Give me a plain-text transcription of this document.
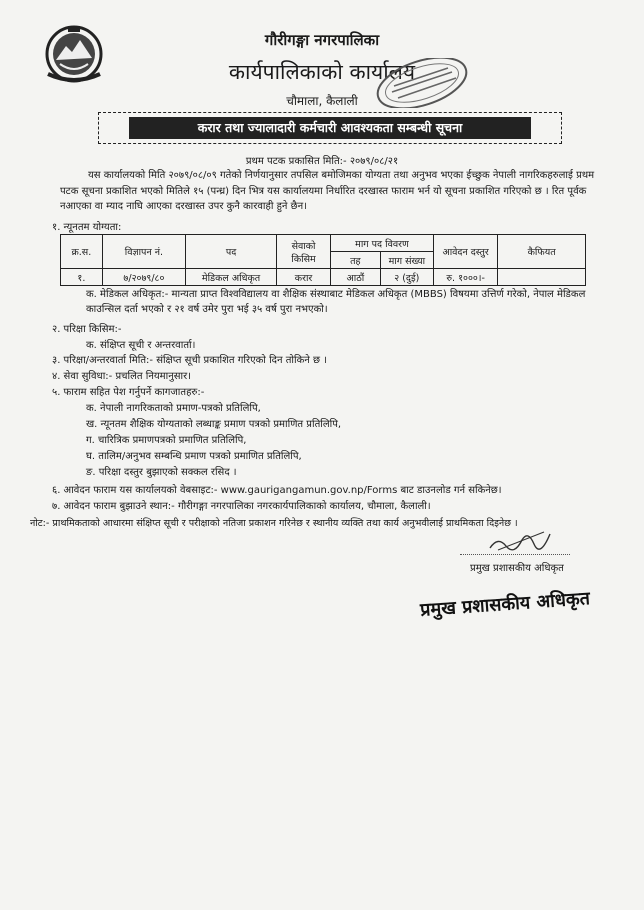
गौरीगङ्गा नगरपालिका
कार्यपालिकाको कार्यालय
चौमाला, कैलाली
करार तथा ज्यालादारी कर्मचारी आवश्यकता सम्बन्धी सूचना
प्रथम पटक प्रकासित मिति:- २०७९/०८/२१
यस कार्यालयको मिति २०७९/०८/०९ गतेको निर्णयानुसार तपसिल बमोजिमका योग्यता तथा अनुभव भएका ईच्छुक नेपाली नागरिकहरुलाई प्रथम पटक सूचना प्रकाशित भएको मितिले १५ (पन्ध्र) दिन भित्र यस कार्यालयमा निर्धारित दरखास्त फाराम भर्न यो सूचना प्रकाशित गरिएको छ । रित पूर्वक नआएका वा म्याद नाघि आएका दरखास्त उपर कुनै कारवाही हुने छैन।
१. न्यूनतम योग्यता:
क्र.स.	विज्ञापन नं.	पद	सेवाको किसिम	माग पद विवरण		आवेदन दस्तुर	कैफियत
				तह	माग संख्या		
१.	७/२०७९/८०	मेडिकल अधिकृत	करार	आठौं	२ (दुई)	रु. १०००।-	
क. मेडिकल अधिकृत:- मान्यता प्राप्त विश्वविद्यालय वा शैक्षिक संस्थाबाट मेडिकल अधिकृत (MBBS) विषयमा उत्तिर्ण गरेको, नेपाल मेडिकल काउन्सिल दर्ता भएको र २१ वर्ष उमेर पुरा भई ३५ वर्ष पुरा नभएको।
२. परिक्षा किसिम:-
क. संक्षिप्त सूची र अन्तरवार्ता।
३. परिक्षा/अन्तरवार्ता मिति:- संक्षिप्त सूची प्रकाशित गरिएको दिन तोकिने छ ।
४. सेवा सुविधा:- प्रचलित नियमानुसार।
५. फाराम सहित पेश गर्नुपर्ने कागजातहरु:-
क. नेपाली नागरिकताको प्रमाण-पत्रको प्रतिलिपि,
ख. न्यूनतम शैक्षिक योग्यताको लब्धाङ्क प्रमाण पत्रको प्रमाणित प्रतिलिपि,
ग. चारित्रिक प्रमाणपत्रको प्रमाणित प्रतिलिपि,
घ. तालिम/अनुभव सम्बन्धि प्रमाण पत्रको प्रमाणित प्रतिलिपि,
ङ. परिक्षा दस्तुर बुझाएको सक्कल रसिद ।
६. आवेदन फाराम यस कार्यालयको वेबसाइट:- www.gaurigangamun.gov.np/Forms बाट डाउनलोड गर्न सकिनेछ।
७. आवेदन फाराम बुझाउने स्थान:- गौरीगङ्गा नगरपालिका नगरकार्यपालिकाको कार्यालय, चौमाला, कैलाली।
नोट:- प्राथमिकताको आधारमा संक्षिप्त सूची र परीक्षाको नतिजा प्रकाशन गरिनेछ र स्थानीय व्यक्ति तथा कार्य अनुभवीलाई प्राथमिकता दिइनेछ ।
प्रमुख प्रशासकीय अधिकृत
प्रमुख प्रशासकीय अधिकृत
